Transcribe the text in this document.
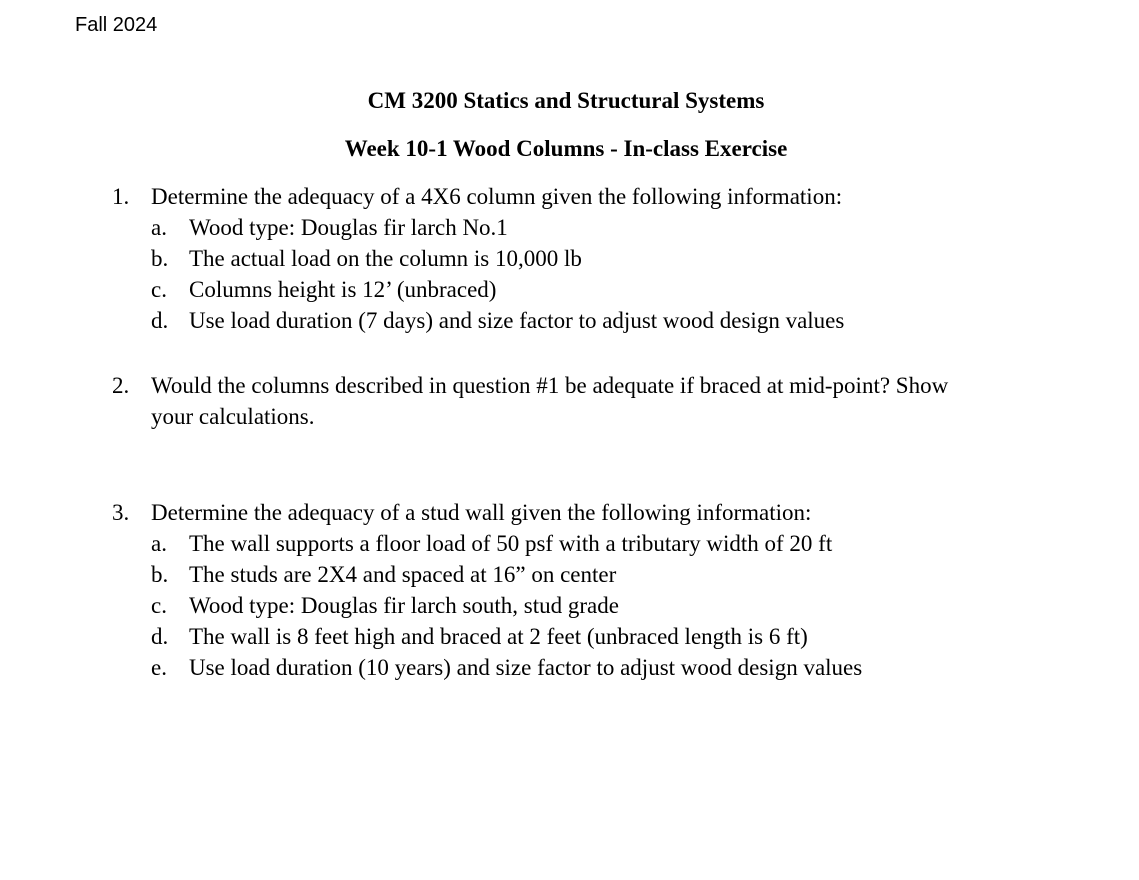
Fall 2024
CM 3200 Statics and Structural Systems
Week 10-1 Wood Columns - In-class Exercise
1. Determine the adequacy of a 4X6 column given the following information:
a. Wood type: Douglas fir larch No.1
b. The actual load on the column is 10,000 lb
c. Columns height is 12’ (unbraced)
d. Use load duration (7 days) and size factor to adjust wood design values
2. Would the columns described in question #1 be adequate if braced at mid-point? Show
your calculations.
3. Determine the adequacy of a stud wall given the following information:
a. The wall supports a floor load of 50 psf with a tributary width of 20 ft
b. The studs are 2X4 and spaced at 16” on center
c. Wood type: Douglas fir larch south, stud grade
d. The wall is 8 feet high and braced at 2 feet (unbraced length is 6 ft)
e. Use load duration (10 years) and size factor to adjust wood design values
